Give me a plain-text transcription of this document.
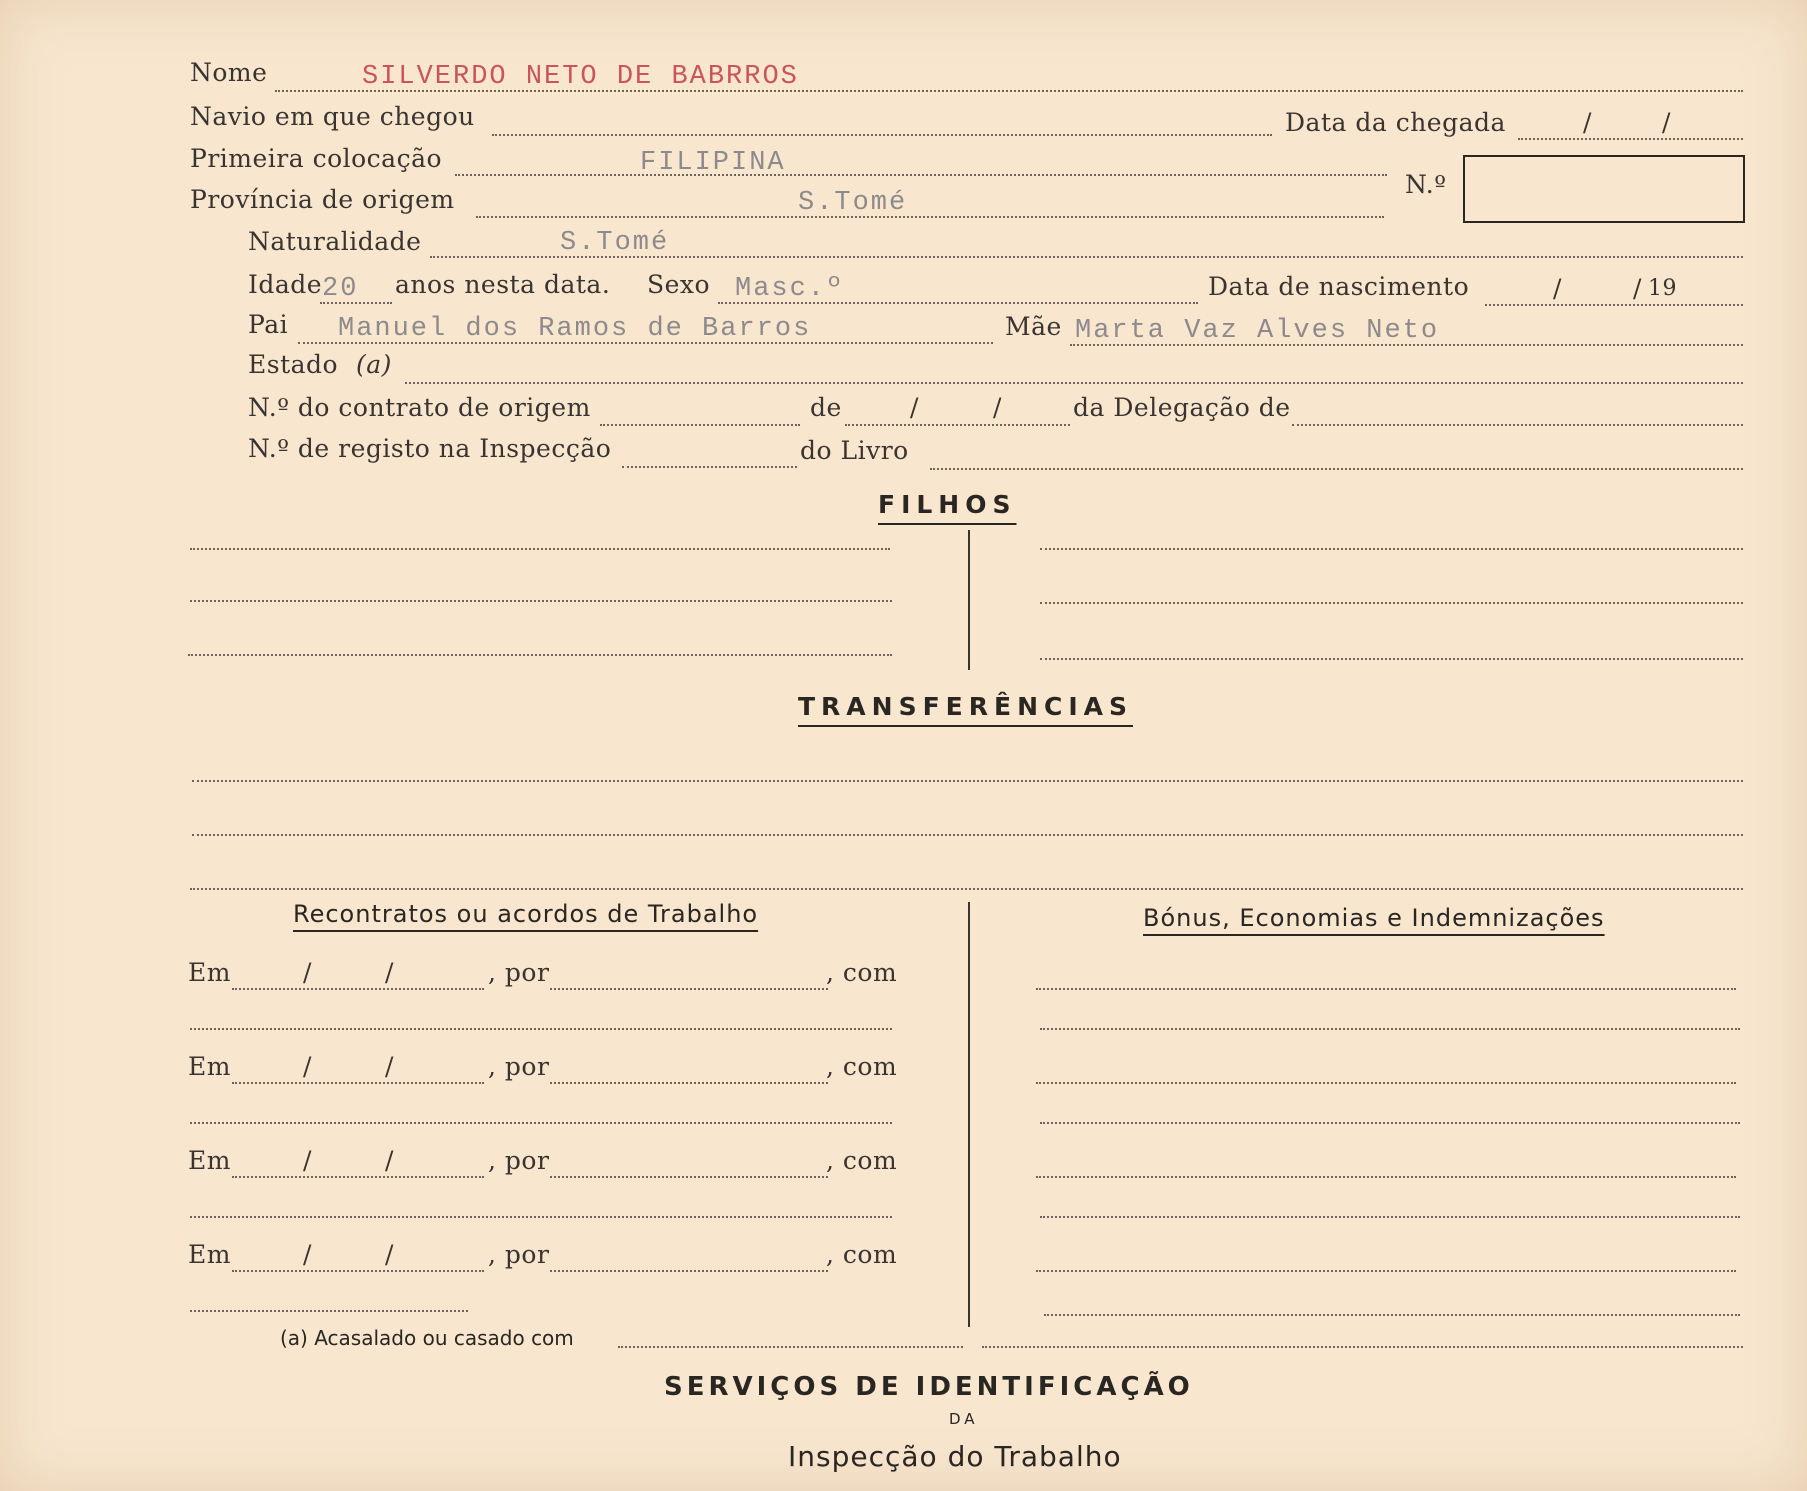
Nome	SILVERDO NETO DE BABRROS
Navio em que chegou	Data da chegada	/	/
Primeira colocação	FILIPINA
N.º
Província de origem	S.Tomé
Naturalidade	S.Tomé
Idade 20 anos nesta data. Sexo Masc.º	Data de nascimento	/	/ 19
Pai Manuel dos Ramos de Barros	Mãe Marta Vaz Alves Neto
Estado (a)
N.º do contrato de origem	de	/	/	da Delegação de
N.º de registo na Inspecção	do Livro
FILHOS
TRANSFERÊNCIAS
Recontratos ou acordos de Trabalho	Bónus, Economias e Indemnizações
Em	/	/	, por	, com
Em	/	/	, por	, com
Em	/	/	, por	, com
Em	/	/	, por	, com
(a) Acasalado ou casado com
SERVIÇOS DE IDENTIFICAÇÃO
DA
Inspecção do Trabalho
